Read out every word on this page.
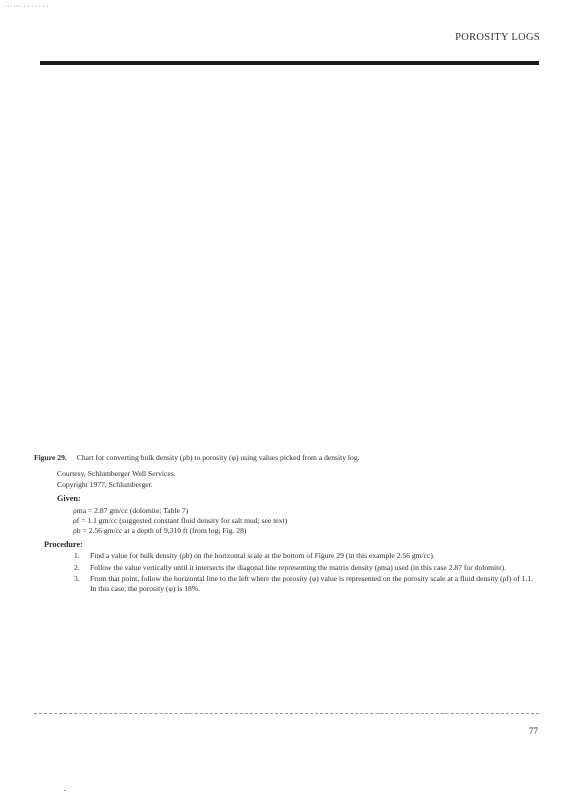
▪▪▪ ▪▪▪▪ ▪ ▪ ▪ ▪ ▪ ▪ ▪
POROSITY LOGS

Figure 29. Chart for converting bulk density (ρb) to porosity (φ) using values picked from a density log.

Courtesy, Schlumberger Well Services.

Copyright 1977, Schlumberger.

Given:

ρma = 2.87 gm/cc (dolomite; Table 7)

ρf = 1.1 gm/cc (suggested constant fluid density for salt mud; see text)

ρb = 2.56 gm/cc at a depth of 9,310 ft (from log; Fig. 28)

Procedure:
1. Find a value for bulk density (ρb) on the horizontal scale at the bottom of Figure 29 (in this example 2.56 gm/cc).
2. Follow the value vertically until it intersects the diagonal line representing the matrix density (ρma) used (in this case 2.87 for dolomite).
3. From that point, follow the horizontal line to the left where the porosity (φ) value is represented on the porosity scale at a fluid density (ρf) of 1.1. In this case, the porosity (φ) is 18%.
77
